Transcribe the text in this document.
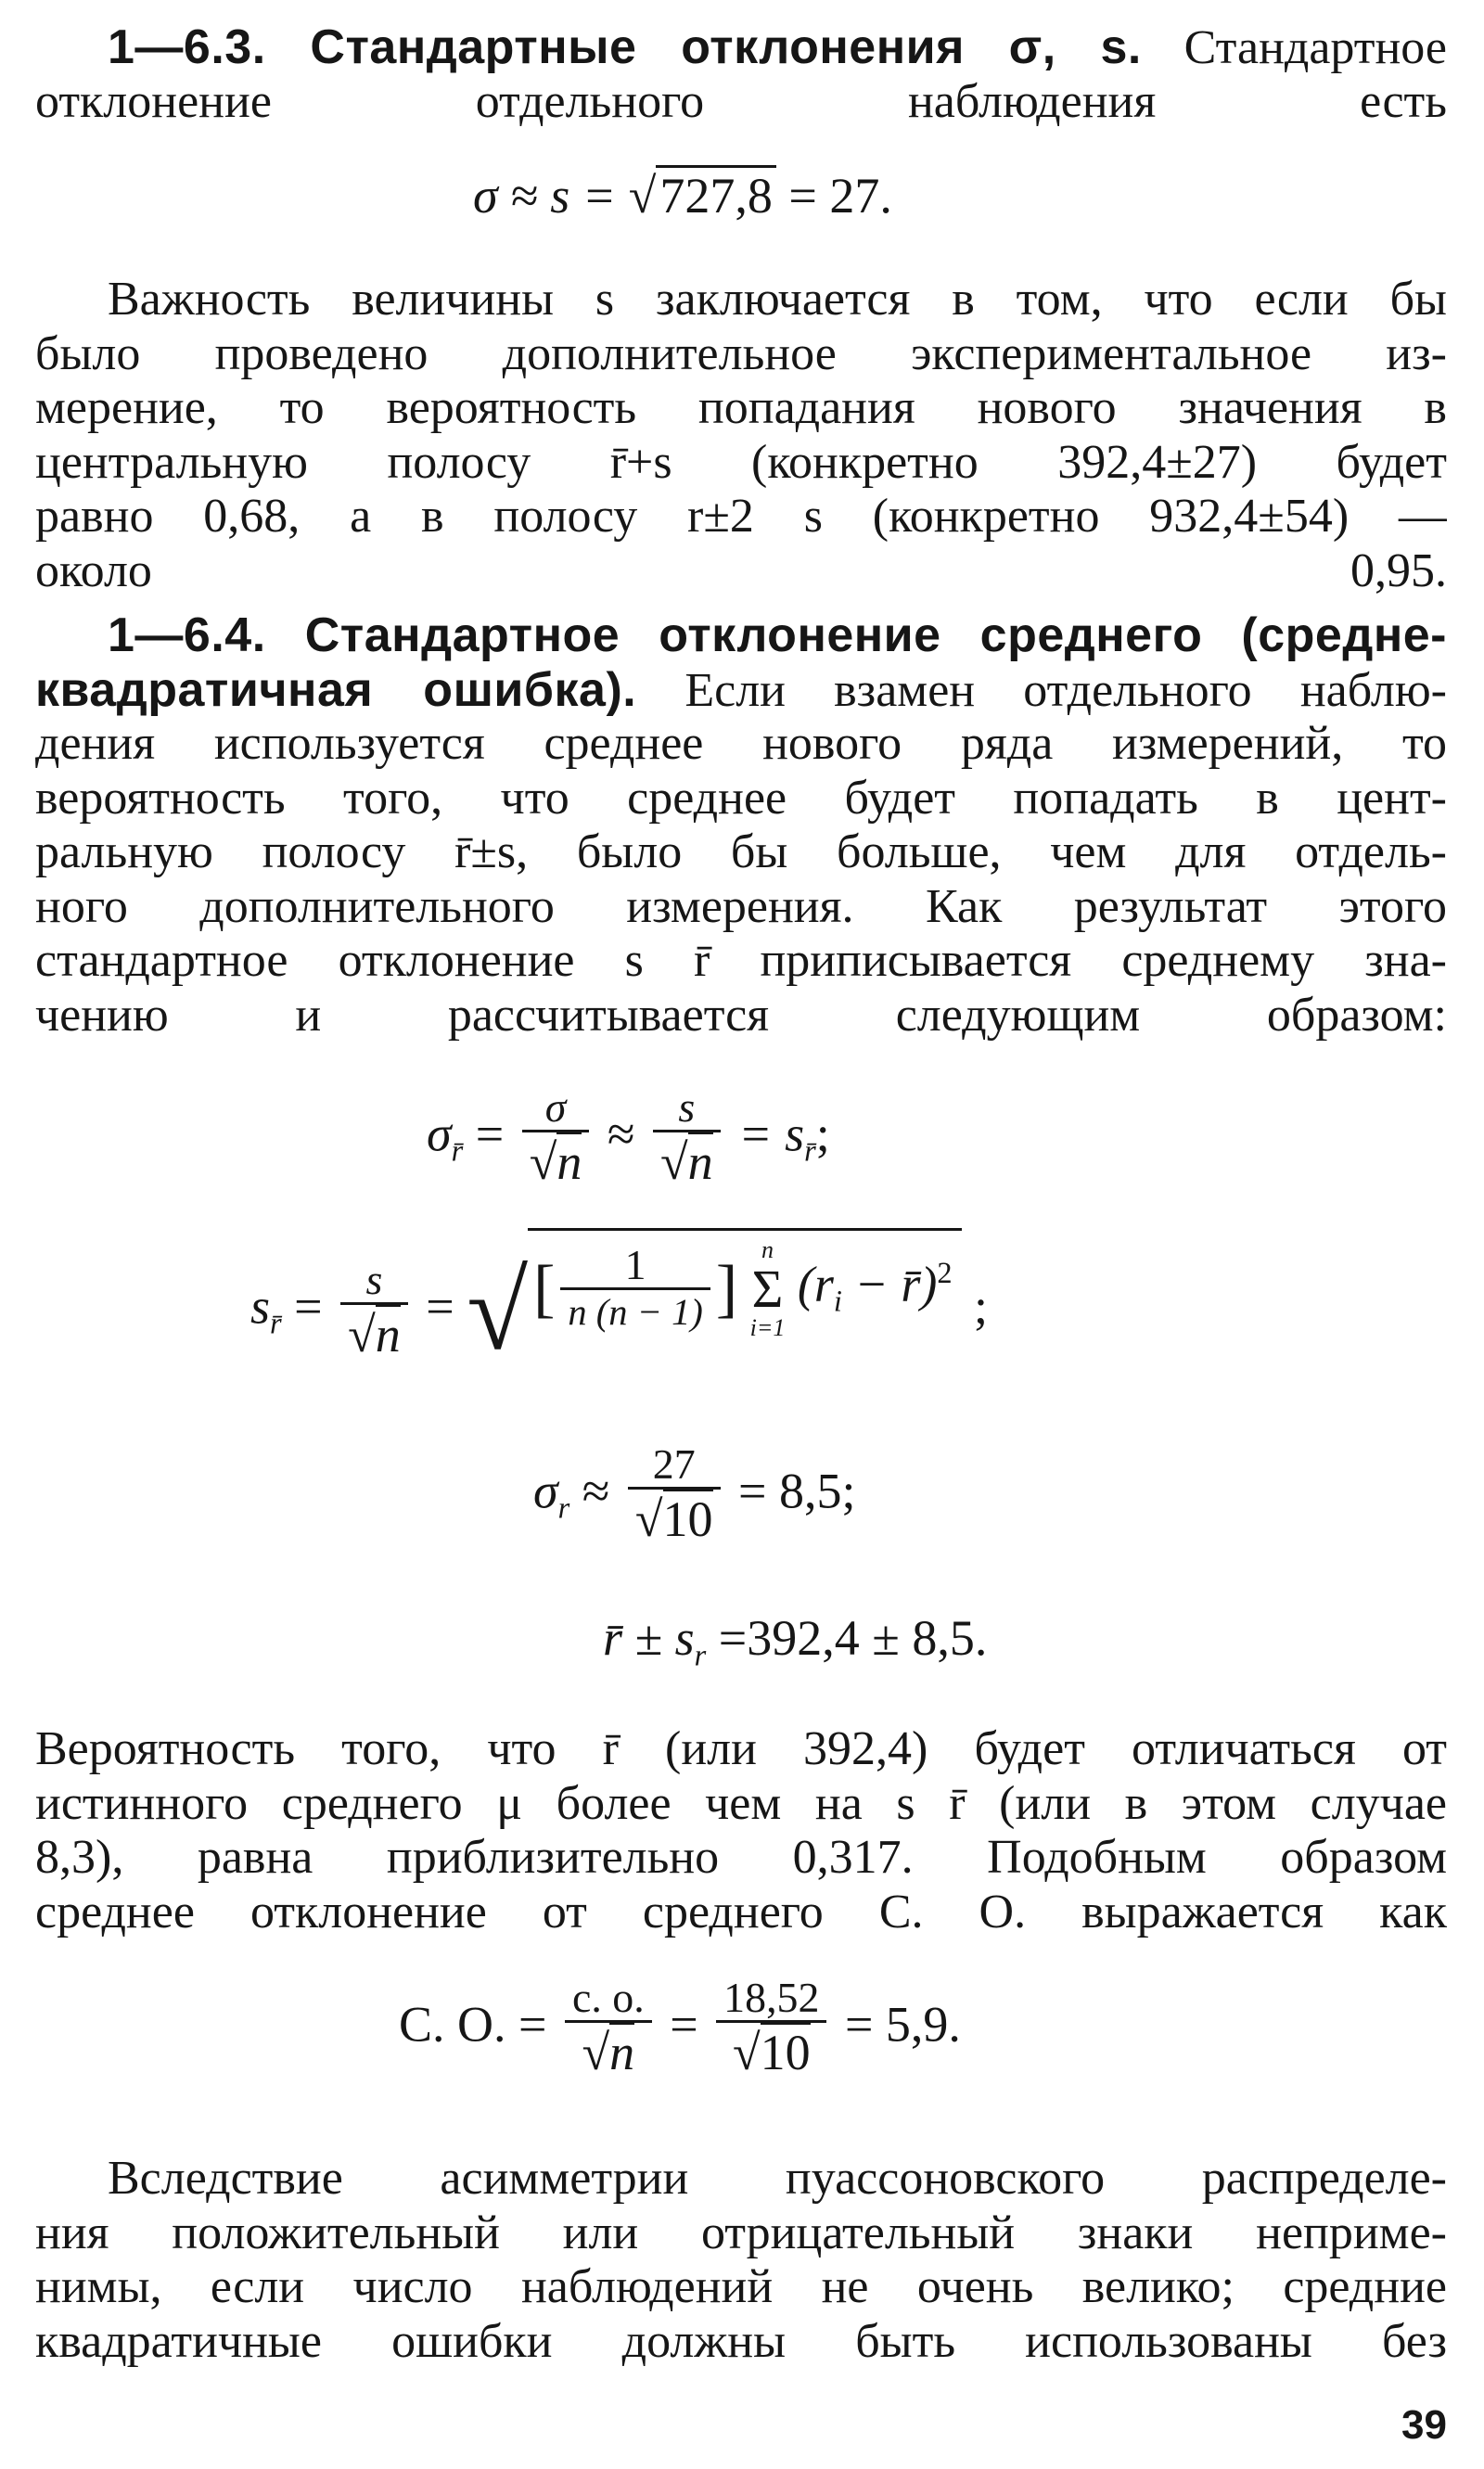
1—6.3. Стандартные отклонения σ, s. Стандартное
отклонение отдельного наблюдения есть
σ ≈ s = √727,8 = 27.
Важность величины s заключается в том, что если бы
было проведено дополнительное экспериментальное из-
мерение, то вероятность попадания нового значения в
центральную полосу r̄+s (конкретно 392,4±27) будет
равно 0,68, а в полосу r±2 s (конкретно 932,4±54) —
около 0,95.
1—6.4. Стандартное отклонение среднего (средне-
квадратичная ошибка). Если взамен отдельного наблю-
дения используется среднее нового ряда измерений, то
вероятность того, что среднее будет попадать в цент-
ральную полосу r̄±s, было бы больше, чем для отдель-
ного дополнительного измерения. Как результат этого
стандартное отклонение s r̄ приписывается среднему зна-
чению и рассчитывается следующим образом:
$\sigma_{r̄} = \frac{\sigma}{√n} \approx \frac{s}{√n} = s_{r̄}$;
$s_{r̄} = \frac{s}{√n}$ = √[ $\frac{1}{n (n - 1)}$ ]
n
Σ
i=1
($r_i$ − r̄)$^2$ ;
$\sigma_r \approx \frac{27}{√10} = 8,5$;
r̄ ± $s_r =392,4 \pm 8,5$.
Вероятность того, что r̄ (или 392,4) будет отличаться от
истинного среднего μ более чем на s r̄ (или в этом случае
8,3), равна приблизительно 0,317. Подобным образом
среднее отклонение от среднего С. О. выражается как
С. О. = $\frac{с. о.}{√n} = \frac{18,52}{√10} = 5,9$.
Вследствие асимметрии пуассоновского распределе-
ния положительный или отрицательный знаки неприме-
нимы, если число наблюдений не очень велико; средние
квадратичные ошибки должны быть использованы без
39
